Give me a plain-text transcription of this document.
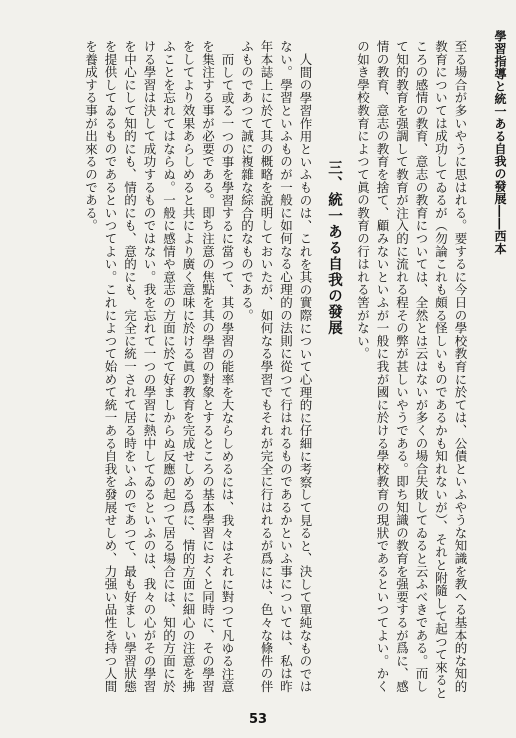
學習指導と統一ある自我の發展――西本

至る場合が多いやうに思はれる。要するに今日の學校教育に於ては、公債といふやうな知識を教へる基本的な知的教育については成功してゐるが（勿論これも頗る怪しいものであるかも知れないが）、それと附隨して起つて來るところの感情の教育、意志の教育については、全然とは云はないが多くの場合失敗してゐると云ふべきである。而して知的教育を强調して教育が注入的に流れる程その弊が甚しいやうである。即ち知識の教育を强要するが爲に、感情の教育、意志の教育を捨て、顧みないといふが一般に我が國に於ける學校教育の現狀であるといつてよい。かくの如き學校教育によつて眞の教育の行はれる筈がない。

三、統一ある自我の發展

人間の學習作用といふものは、これを其の實際について心理的に仔細に考察して見ると、決して單純なものではない。學習といふものが一般に如何なる心理的の法則に從つて行はれるものであるかといふ事については、私は昨年本誌上に於て其の概略を說明しておいたが、如何なる學習でもそれが完全に行はれるが爲には、色々な條件の伴ふものであつて誠に複雜な綜合的なものである。

而して或る一つの事を學習するに當つて、其の學習の能率を大ならしめるには、我々はそれに對つて凡ゆる注意を集注する事が必要である。即ち注意の焦點を其の學習の對象とするところの基本學習におくと同時に、その學習をしてより效果あらしめると共により廣く意味に於ける眞の教育を完成せしめる爲に、情的方面に細心の注意を拂ふことを忘れてはならぬ。一般に感情や意志の方面に於て好ましからぬ反應の起つて居る場合には、知的方面に於ける學習は決して成功するものではない。我を忘れて一つの學習に熱中してゐるといふのは、我々の心がその學習を中心にして知的にも、情的にも、意的にも、完全に統一されて居る時をいふのであつて、最も好ましい學習狀態を提供してゐるものであるといつてよい。これによつて始めて統一ある自我を發展せしめ、力强い品性を持つ人間を養成する事が出來るのである。

53
